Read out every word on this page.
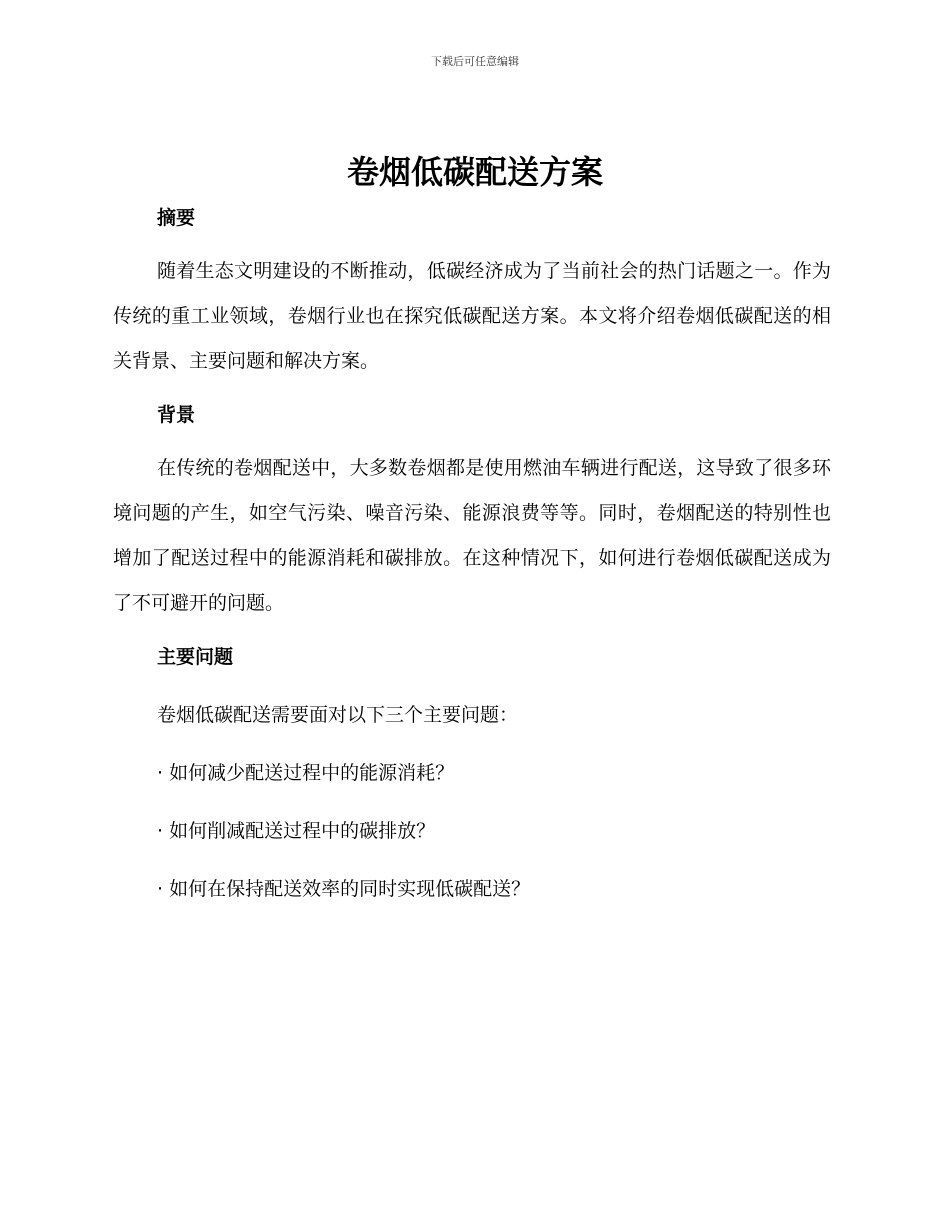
下载后可任意编辑
卷烟低碳配送方案
摘要

随着生态文明建设的不断推动，低碳经济成为了当前社会的热门话题之一。作为传统的重工业领域，卷烟行业也在探究低碳配送方案。本文将介绍卷烟低碳配送的相关背景、主要问题和解决方案。

背景

在传统的卷烟配送中，大多数卷烟都是使用燃油车辆进行配送，这导致了很多环境问题的产生，如空气污染、噪音污染、能源浪费等等。同时，卷烟配送的特别性也增加了配送过程中的能源消耗和碳排放。在这种情况下，如何进行卷烟低碳配送成为了不可避开的问题。

主要问题

卷烟低碳配送需要面对以下三个主要问题：

· 如何减少配送过程中的能源消耗？

· 如何削减配送过程中的碳排放？

· 如何在保持配送效率的同时实现低碳配送？
